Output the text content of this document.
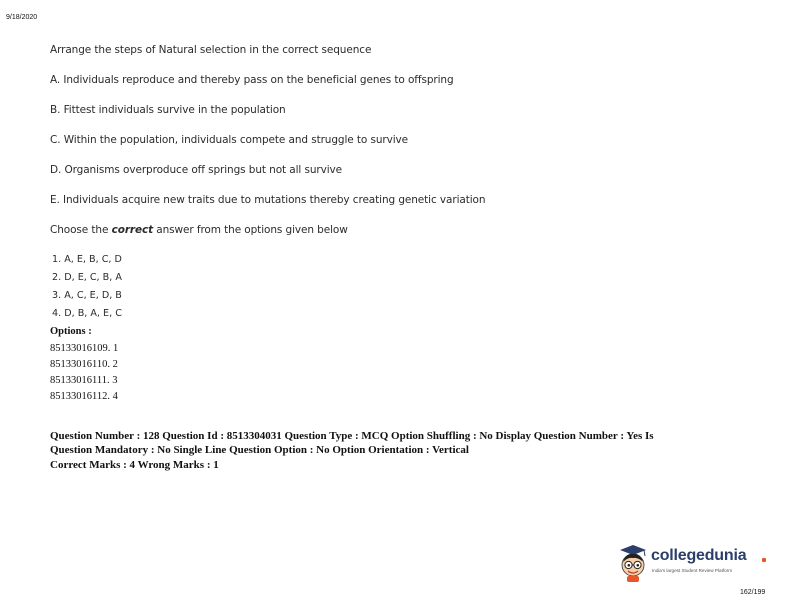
9/18/2020
Arrange the steps of Natural selection in the correct sequence
A. Individuals reproduce and thereby pass on the beneficial genes to offspring
B. Fittest individuals survive in the population
C. Within the population, individuals compete and struggle to survive
D. Organisms overproduce off springs but not all survive
E. Individuals acquire new traits due to mutations thereby creating genetic variation
Choose the correct answer from the options given below
1. A, E, B, C, D
2. D, E, C, B, A
3. A, C, E, D, B
4. D, B, A, E, C
Options :
85133016109. 1
85133016110. 2
85133016111. 3
85133016112. 4
Question Number : 128 Question Id : 8513304031 Question Type : MCQ Option Shuffling : No Display Question Number : Yes Is
Question Mandatory : No Single Line Question Option : No Option Orientation : Vertical
Correct Marks : 4 Wrong Marks : 1
collegedunia
India's largest Student Review Platform
162/199
